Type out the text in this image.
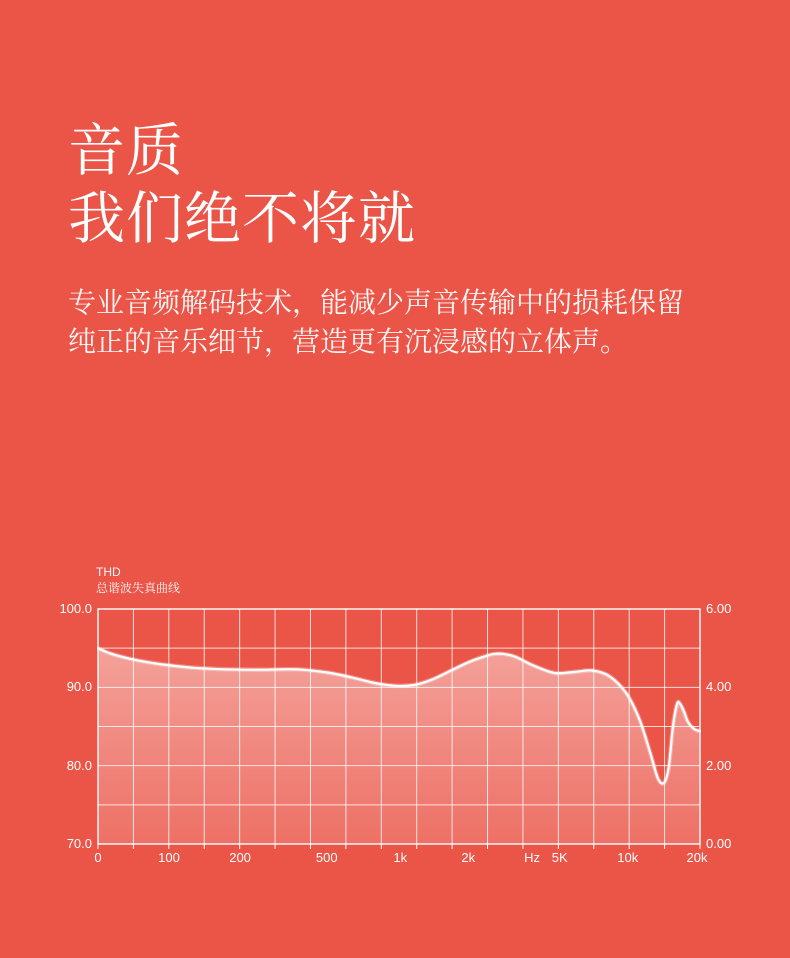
音质
我们绝不将就

专业音频解码技术，能减少声音传输中的损耗保留
纯正的音乐细节，营造更有沉浸感的立体声。

THD
总谐波失真曲线
100.0
90.0
80.0
70.0
6.00
4.00
2.00
0.00
0	100	200	500	1k	2k	Hz 5K	10k	20k
